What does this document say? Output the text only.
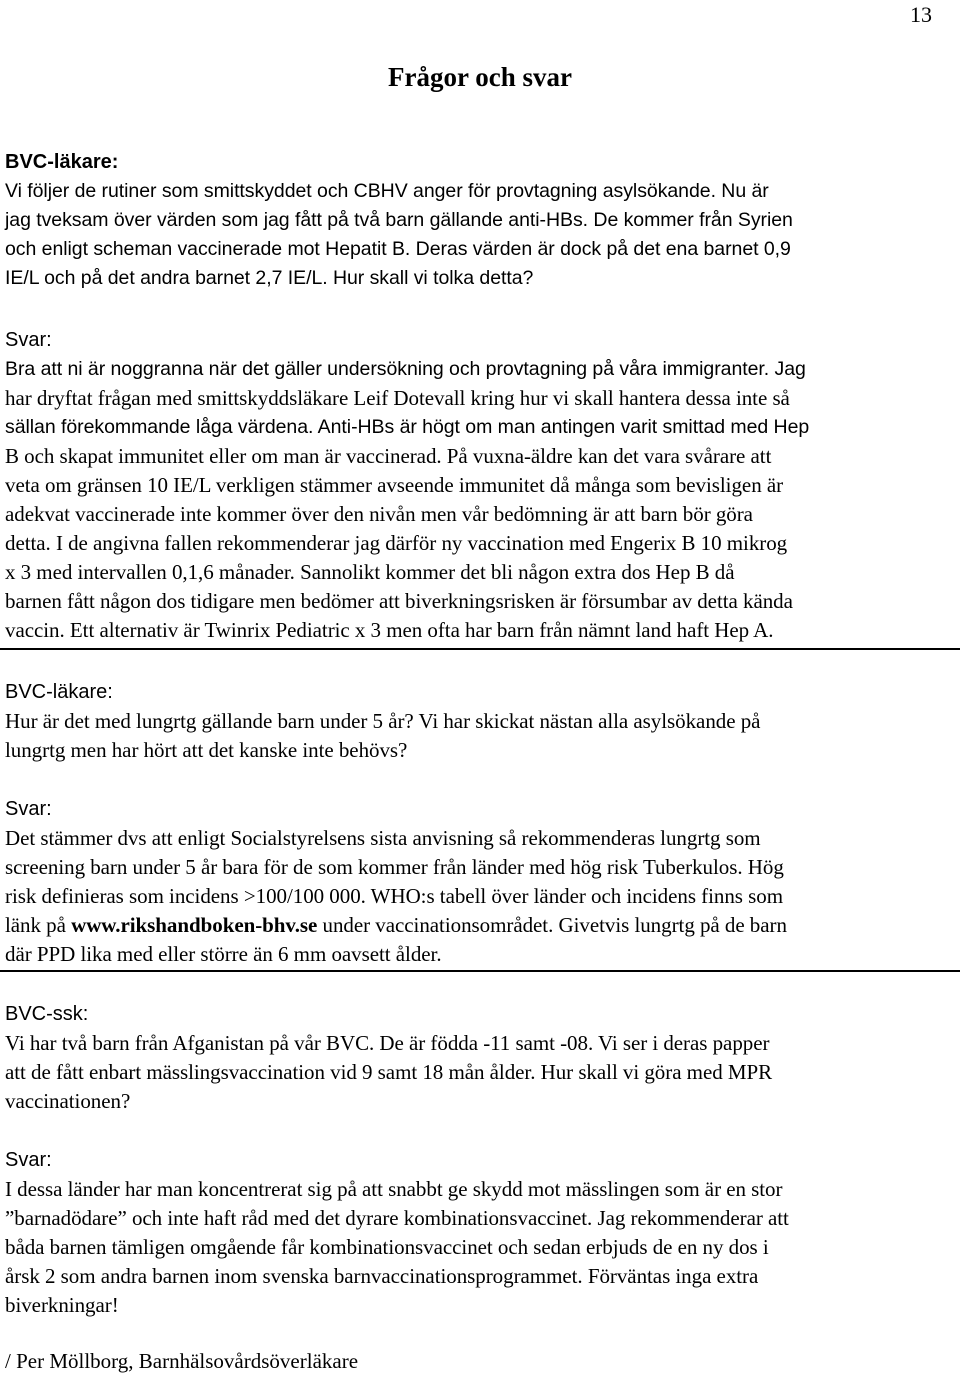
13
Frågor och svar

BVC-läkare:

Vi följer de rutiner som smittskyddet och CBHV anger för provtagning asylsökande. Nu är
jag tveksam över värden som jag fått på två barn gällande anti-HBs. De kommer från Syrien
och enligt scheman vaccinerade mot Hepatit B. Deras värden är dock på det ena barnet 0,9
IE/L och på det andra barnet 2,7 IE/L. Hur skall vi tolka detta?

Svar:

Bra att ni är noggranna när det gäller undersökning och provtagning på våra immigranter. Jag
har dryftat frågan med smittskyddsläkare Leif Dotevall kring hur vi skall hantera dessa inte så
sällan förekommande låga värdena. Anti-HBs är högt om man antingen varit smittad med Hep
B och skapat immunitet eller om man är vaccinerad. På vuxna-äldre kan det vara svårare att
veta om gränsen 10 IE/L verkligen stämmer avseende immunitet då många som bevisligen är
adekvat vaccinerade inte kommer över den nivån men vår bedömning är att barn bör göra
detta. I de angivna fallen rekommenderar jag därför ny vaccination med Engerix B 10 mikrog
x 3 med intervallen 0,1,6 månader. Sannolikt kommer det bli någon extra dos Hep B då
barnen fått någon dos tidigare men bedömer att biverkningsrisken är försumbar av detta kända
vaccin. Ett alternativ är Twinrix Pediatric x 3 men ofta har barn från nämnt land haft Hep A.

BVC-läkare:

Hur är det med lungrtg gällande barn under 5 år? Vi har skickat nästan alla asylsökande på
lungrtg men har hört att det kanske inte behövs?

Svar:

Det stämmer dvs att enligt Socialstyrelsens sista anvisning så rekommenderas lungrtg som
screening barn under 5 år bara för de som kommer från länder med hög risk Tuberkulos. Hög
risk definieras som incidens >100/100 000. WHO:s tabell över länder och incidens finns som
länk på www.rikshandboken-bhv.se under vaccinationsområdet. Givetvis lungrtg på de barn
där PPD lika med eller större än 6 mm oavsett ålder.

BVC-ssk:

Vi har två barn från Afganistan på vår BVC. De är födda -11 samt -08. Vi ser i deras papper
att de fått enbart mässlingsvaccination vid 9 samt 18 mån ålder. Hur skall vi göra med MPR
vaccinationen?

Svar:

I dessa länder har man koncentrerat sig på att snabbt ge skydd mot mässlingen som är en stor
”barnadödare” och inte haft råd med det dyrare kombinationsvaccinet. Jag rekommenderar att
båda barnen tämligen omgående får kombinationsvaccinet och sedan erbjuds de en ny dos i
årsk 2 som andra barnen inom svenska barnvaccinationsprogrammet. Förväntas inga extra
biverkningar!

/ Per Möllborg, Barnhälsovårdsöverläkare
